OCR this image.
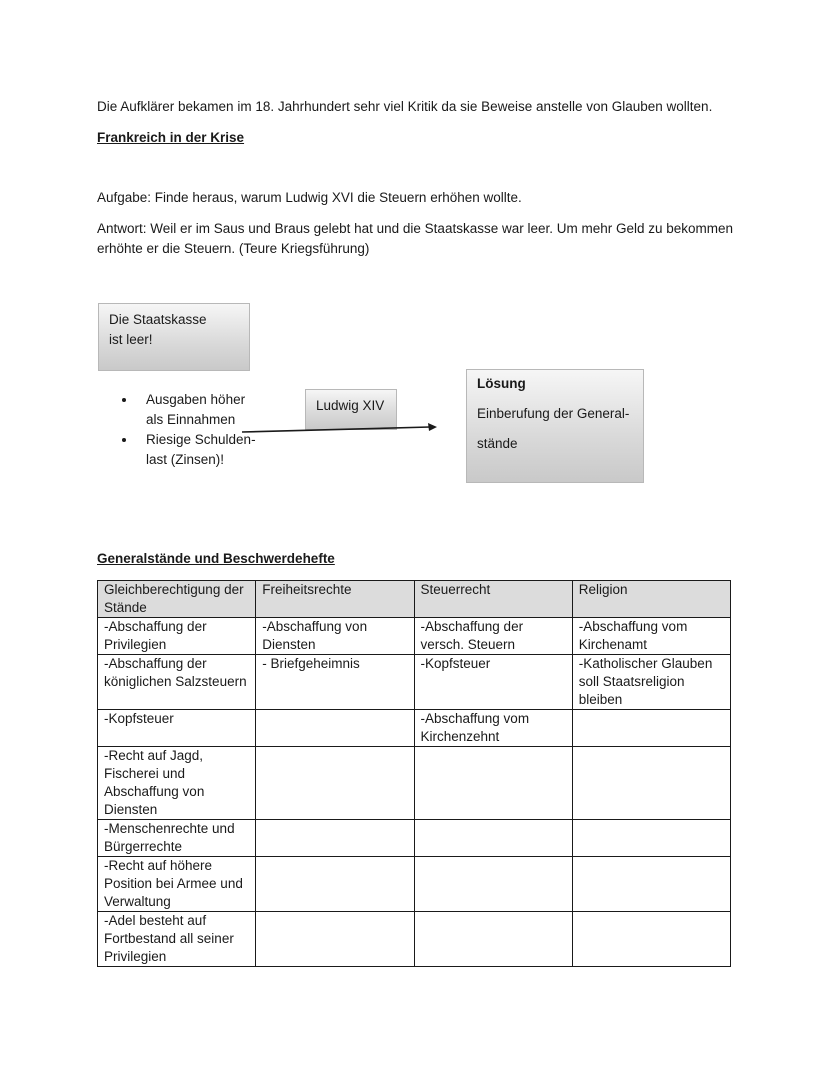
Die Aufklärer bekamen im 18. Jahrhundert sehr viel Kritik da sie Beweise anstelle von Glauben wollten.
Frankreich in der Krise
Aufgabe: Finde heraus, warum Ludwig XVI die Steuern erhöhen wollte.
Antwort: Weil er im Saus und Braus gelebt hat und die Staatskasse war leer. Um mehr Geld zu bekommen
erhöhte er die Steuern. (Teure Kriegsführung)
Die Staatskasse ist leer!
Ausgaben höher als Einnahmen
Riesige Schulden-last (Zinsen)!
Ludwig XIV
Lösung
Einberufung der General-
stände
Generalstände und Beschwerdehefte
Gleichberechtigung der Stände	Freiheitsrechte	Steuerrecht	Religion
-Abschaffung der Privilegien	-Abschaffung von Diensten	-Abschaffung der versch. Steuern	-Abschaffung vom Kirchenamt
-Abschaffung der königlichen Salzsteuern	- Briefgeheimnis	-Kopfsteuer	-Katholischer Glauben soll Staatsreligion bleiben
-Kopfsteuer		-Abschaffung vom Kirchenzehnt	
-Recht auf Jagd, Fischerei und Abschaffung von Diensten			
-Menschenrechte und Bürgerrechte			
-Recht auf höhere Position bei Armee und Verwaltung			
-Adel besteht auf Fortbestand all seiner Privilegien			
